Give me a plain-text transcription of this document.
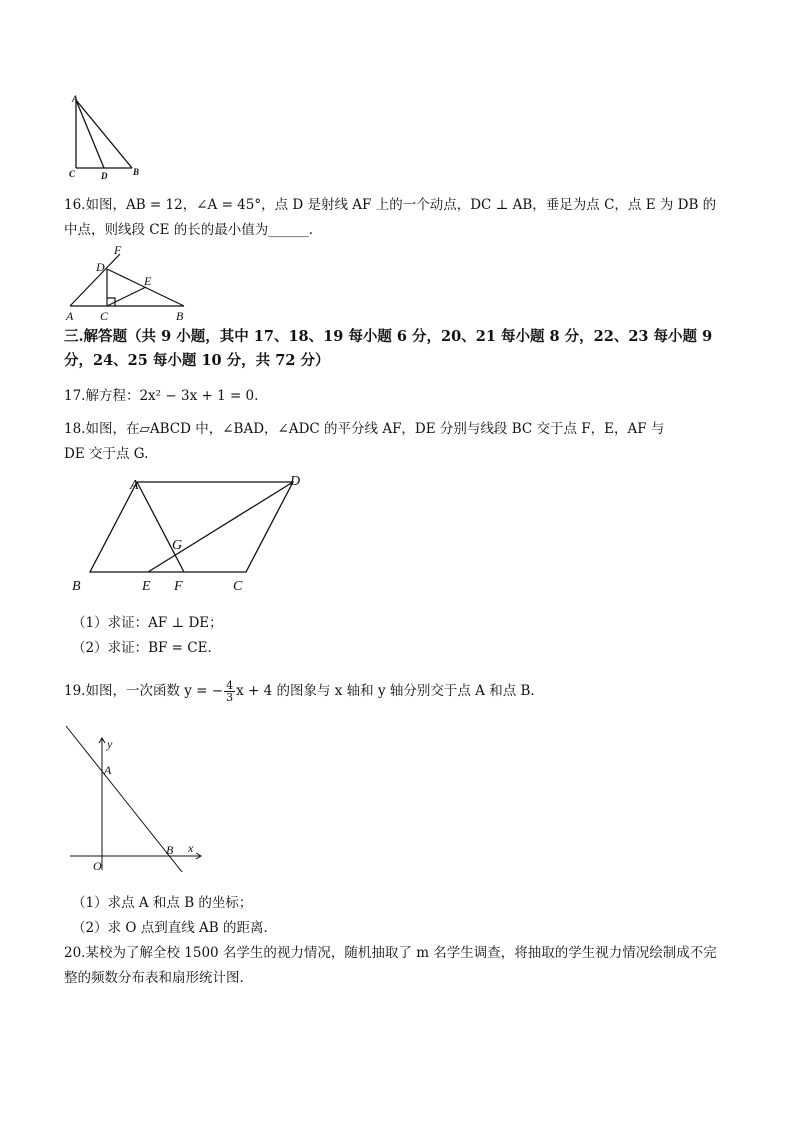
A
C	D	B
16.如图，AB = 12，∠A = 45°，点 D 是射线 AF 上的一个动点，DC ⊥ AB，垂足为点 C，点 E 为 DB 的
中点，则线段 CE 的长的最小值为______.
F
D
E
A C	B
三.解答题（共 9 小题，其中 17、18、19 每小题 6 分，20、21 每小题 8 分，22、23 每小题 9
分，24、25 每小题 10 分，共 72 分）
17.解方程：2x² − 3x + 1 = 0.
18.如图，在▱ABCD 中，∠BAD，∠ADC 的平分线 AF，DE 分别与线段 BC 交于点 F，E，AF 与
DE 交于点 G.
A	D
G
B	E F	C
（1）求证：AF ⊥ DE；
（2）求证：BF = CE.
19.如图，一次函数 y = − $\frac{4}{3}$ x + 4 的图象与 x 轴和 y 轴分别交于点 A 和点 B.
y
A
B x
O
（1）求点 A 和点 B 的坐标；
（2）求 O 点到直线 AB 的距离.
20.某校为了解全校 1500 名学生的视力情况，随机抽取了 m 名学生调查，将抽取的学生视力情况绘制成不完
整的频数分布表和扇形统计图.
